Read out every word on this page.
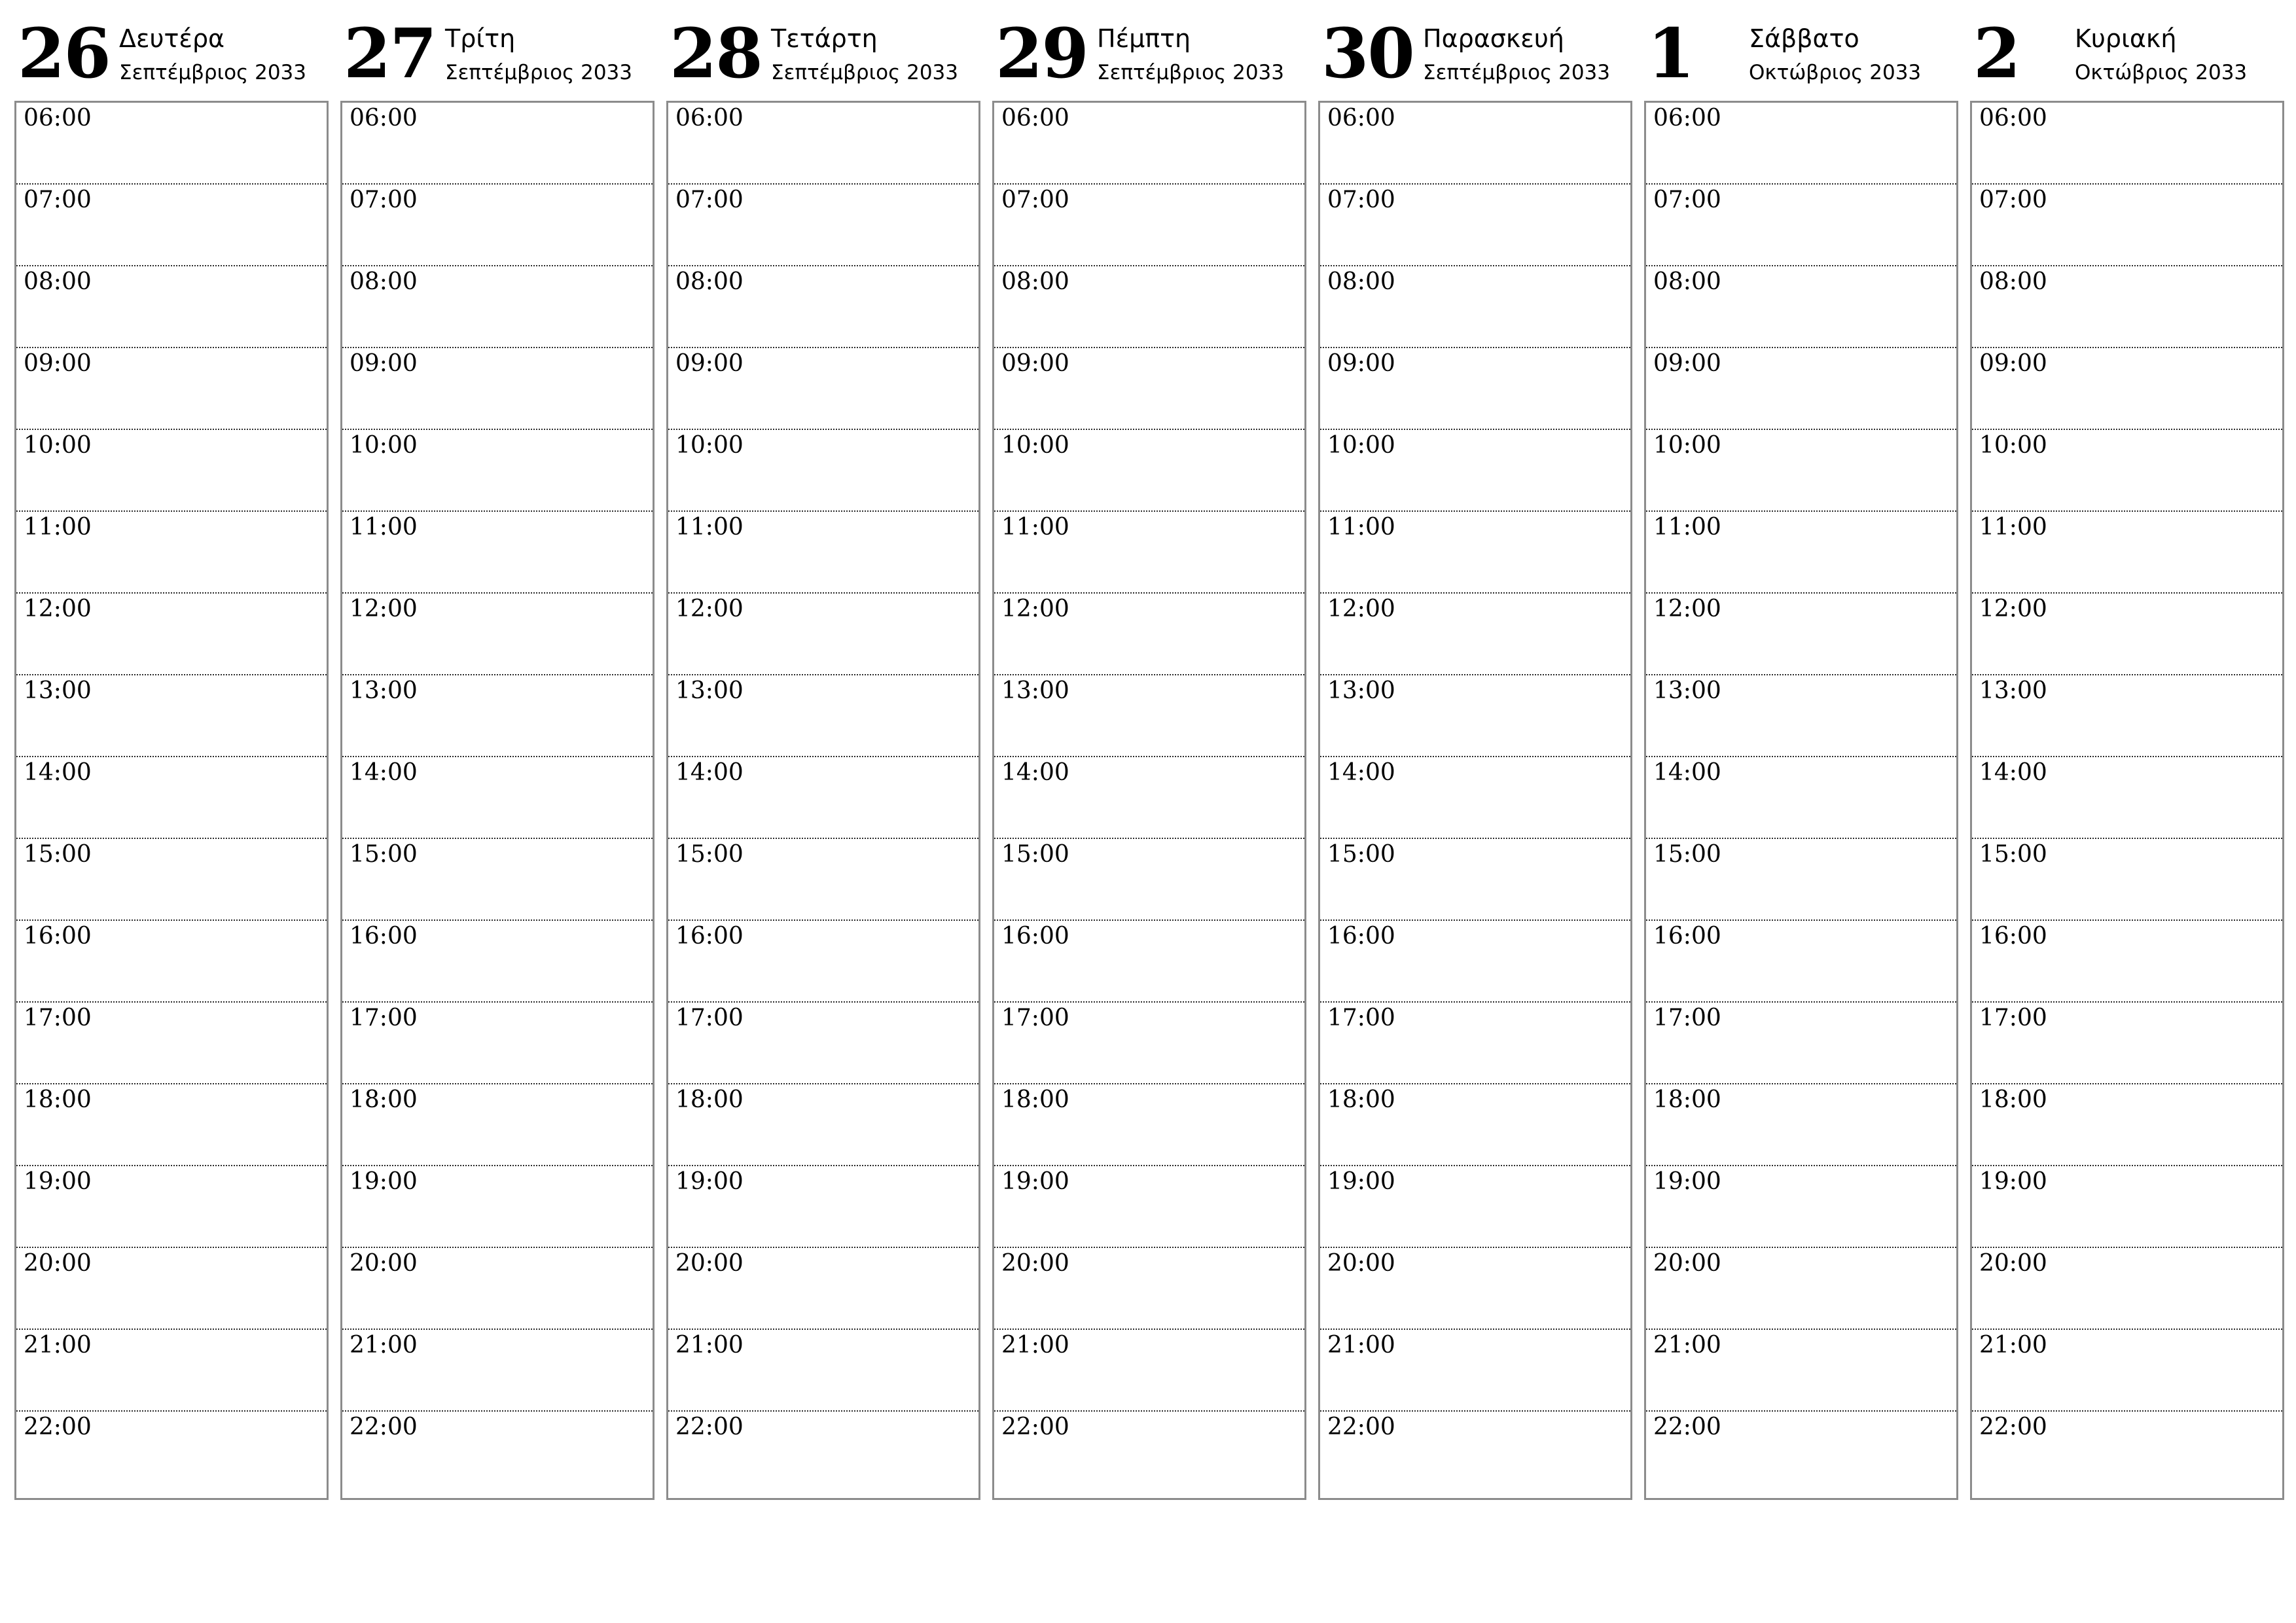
26 Δευτέρα
Σεπτέμβριος 2033
06:00
07:00
08:00
09:00
10:00
11:00
12:00
13:00
14:00
15:00
16:00
17:00
18:00
19:00
20:00
21:00
22:00
27 Τρίτη
Σεπτέμβριος 2033
06:00
07:00
08:00
09:00
10:00
11:00
12:00
13:00
14:00
15:00
16:00
17:00
18:00
19:00
20:00
21:00
22:00
28 Τετάρτη
Σεπτέμβριος 2033
06:00
07:00
08:00
09:00
10:00
11:00
12:00
13:00
14:00
15:00
16:00
17:00
18:00
19:00
20:00
21:00
22:00
29 Πέμπτη
Σεπτέμβριος 2033
06:00
07:00
08:00
09:00
10:00
11:00
12:00
13:00
14:00
15:00
16:00
17:00
18:00
19:00
20:00
21:00
22:00
30 Παρασκευή
Σεπτέμβριος 2033
06:00
07:00
08:00
09:00
10:00
11:00
12:00
13:00
14:00
15:00
16:00
17:00
18:00
19:00
20:00
21:00
22:00
1 Σάββατο
Οκτώβριος 2033
06:00
07:00
08:00
09:00
10:00
11:00
12:00
13:00
14:00
15:00
16:00
17:00
18:00
19:00
20:00
21:00
22:00
2 Κυριακή
Οκτώβριος 2033
06:00
07:00
08:00
09:00
10:00
11:00
12:00
13:00
14:00
15:00
16:00
17:00
18:00
19:00
20:00
21:00
22:00
